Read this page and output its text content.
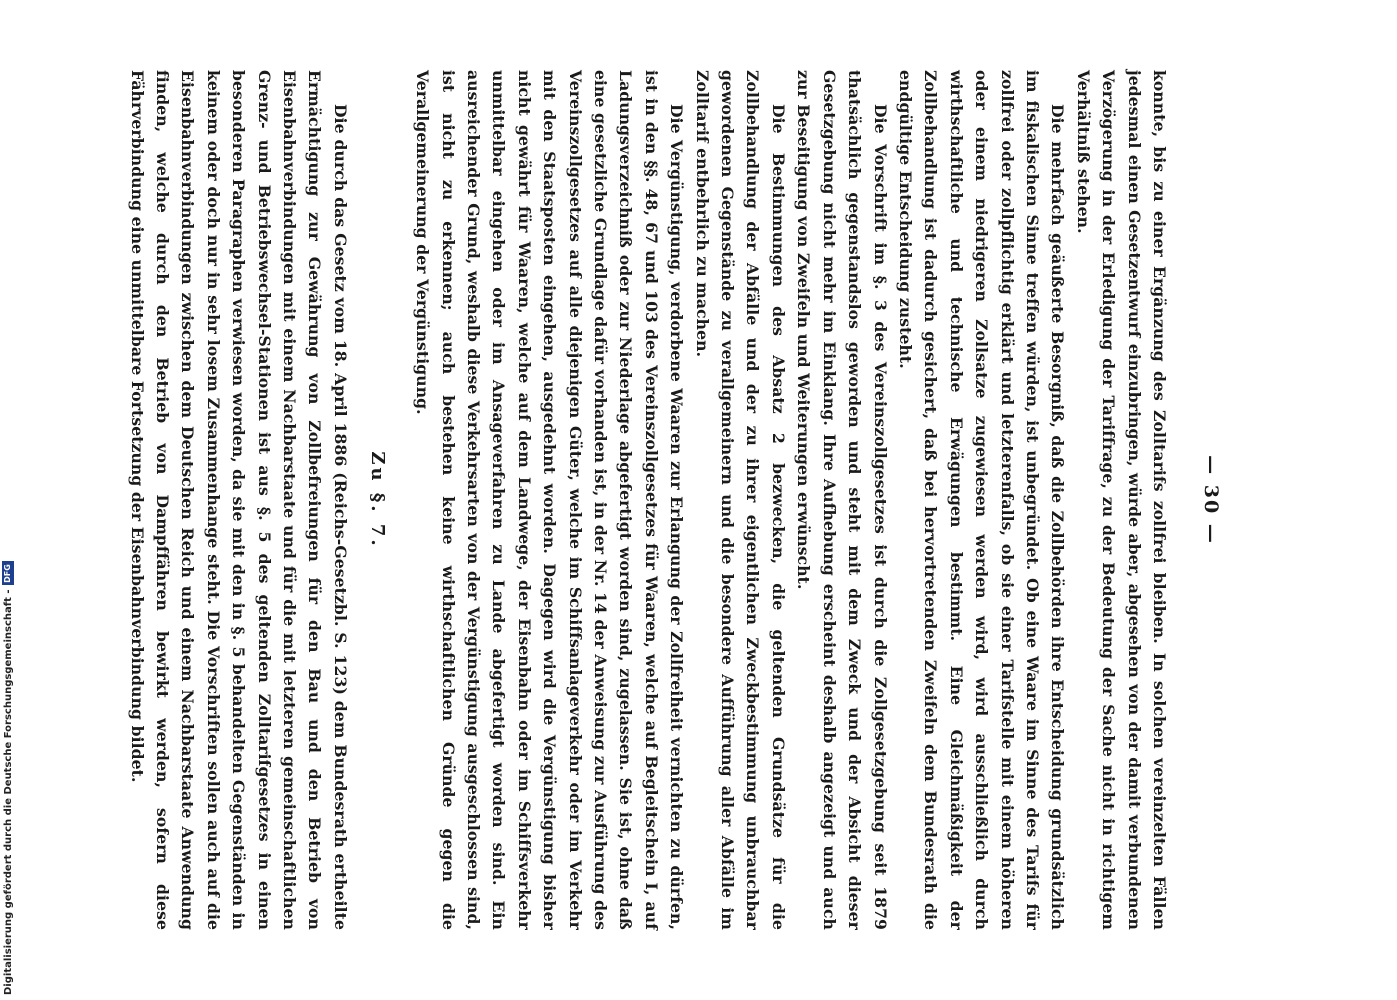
— 30 —

konnte, bis zu einer Ergänzung des Zolltarifs zollfrei bleiben. In solchen vereinzelten Fällen jedesmal einen Gesetzentwurf einzubringen, würde aber, abgesehen von der damit verbundenen Verzögerung in der Erledigung der Tariffrage, zu der Bedeutung der Sache nicht in richtigem Verhältniß stehen.

Die mehrfach geäußerte Besorgniß, daß die Zollbehörden ihre Entscheidung grundsätzlich im fiskalischen Sinne treffen würden, ist unbegründet. Ob eine Waare im Sinne des Tarifs für zollfrei oder zollpflichtig erklärt und letzterenfalls, ob sie einer Tarifstelle mit einem höheren oder einem niedrigeren Zollsatze zugewiesen werden wird, wird ausschließlich durch wirthschaftliche und technische Erwägungen bestimmt. Eine Gleichmäßigkeit der Zollbehandlung ist dadurch gesichert, daß bei hervortretenden Zweifeln dem Bundesrath die endgültige Entscheidung zusteht.

Die Vorschrift im §. 3 des Vereinszollgesetzes ist durch die Zollgesetzgebung seit 1879 thatsächlich gegenstandslos geworden und steht mit dem Zweck und der Absicht dieser Gesetzgebung nicht mehr im Einklang. Ihre Aufhebung erscheint deshalb angezeigt und auch zur Beseitigung von Zweifeln und Weiterungen erwünscht.

Die Bestimmungen des Absatz 2 bezwecken, die geltenden Grundsätze für die Zollbehandlung der Abfälle und der zu ihrer eigentlichen Zweckbestimmung unbrauchbar gewordenen Gegenstände zu verallgemeinern und die besondere Aufführung aller Abfälle im Zolltarif entbehrlich zu machen.

Die Vergünstigung, verdorbene Waaren zur Erlangung der Zollfreiheit vernichten zu dürfen, ist in den §§. 48, 67 und 103 des Vereinszollgesetzes für Waaren, welche auf Begleitschein I, auf Ladungsverzeichniß oder zur Niederlage abgefertigt worden sind, zugelassen. Sie ist, ohne daß eine gesetzliche Grundlage dafür vorhanden ist, in der Nr. 14 der Anweisung zur Ausführung des Vereinszollgesetzes auf alle diejenigen Güter, welche im Schiffsanlageverkehr oder im Verkehr mit den Staatsposten eingehen, ausgedehnt worden. Dagegen wird die Vergünstigung bisher nicht gewährt für Waaren, welche auf dem Landwege, der Eisenbahn oder im Schiffsverkehr unmittelbar eingehen oder im Ansageverfahren zu Lande abgefertigt worden sind. Ein ausreichender Grund, weshalb diese Verkehrsarten von der Vergünstigung ausgeschlossen sind, ist nicht zu erkennen; auch bestehen keine wirthschaftlichen Gründe gegen die Verallgemeinerung der Vergünstigung.

Zu §. 7.

Die durch das Gesetz vom 18. April 1886 (Reichs-Gesetzbl. S. 123) dem Bundesrath ertheilte Ermächtigung zur Gewährung von Zollbefreiungen für den Bau und den Betrieb von Eisenbahnverbindungen mit einem Nachbarstaate und für die mit letzteren gemeinschaftlichen Grenz- und Betriebswechsel-Stationen ist aus §. 5 des geltenden Zolltarifgesetzes in einen besonderen Paragraphen verwiesen worden, da sie mit den in §. 5 behandelten Gegenständen in keinem oder doch nur in sehr losem Zusammenhange steht. Die Vorschriften sollen auch auf die Eisenbahnverbindungen zwischen dem Deutschen Reich und einem Nachbarstaate Anwendung finden, welche durch den Betrieb von Dampffähren bewirkt werden, sofern diese Fährverbindung eine unmittelbare Fortsetzung der Eisenbahnverbindung bildet.

Digitalisierung gefördert durch die Deutsche Forschungsgemeinschaft -
DFG
